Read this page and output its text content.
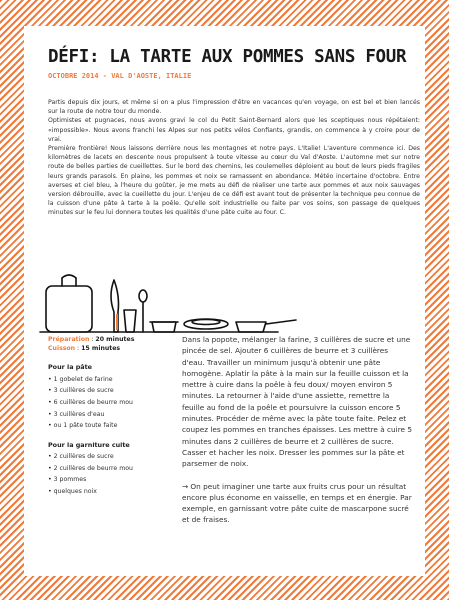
DÉFI: LA TARTE AUX POMMES SANS FOUR
OCTOBRE 2014 - VAL D'AOSTE, ITALIE

Partis depuis dix jours, et même si on a plus l'impression d'être en vacances qu'en voyage, on est bel et bien lancés sur la route de notre tour du monde.

Optimistes et pugnaces, nous avons gravi le col du Petit Saint-Bernard alors que les sceptiques nous répétaient: «impossible». Nous avons franchi les Alpes sur nos petits vélos Confiants, grandis, on commence à y croire pour de vrai.

Première frontière! Nous laissons derrière nous les montagnes et notre pays. L'Italie! L'aventure commence ici. Des kilomètres de lacets en descente nous propulsent à toute vitesse au cœur du Val d'Aoste. L'automne met sur notre route de belles parties de cueillettes. Sur le bord des chemins, les coulemelles déploient au bout de leurs pieds fragiles leurs grands parasols. En plaine, les pommes et noix se ramassent en abondance. Météo incertaine d'octobre. Entre averses et ciel bleu, à l'heure du goûter, je me mets au défi de réaliser une tarte aux pommes et aux noix sauvages version débrouille, avec la cueillette du jour. L'enjeu de ce défi est avant tout de présenter la technique peu connue de la cuisson d'une pâte à tarte à la poêle. Qu'elle soit industrielle ou faite par vos soins, son passage de quelques minutes sur le feu lui donnera toutes les qualités d'une pâte cuite au four. C.

Préparation : 20 minutes

Cuisson : 15 minutes

Pour la pâte
• 1 gobelet de farine
• 3 cuillères de sucre
• 6 cuillères de beurre mou
• 3 cuillères d'eau
• ou 1 pâte toute faite
Pour la garniture cuite
• 2 cuillères de sucre
• 2 cuillères de beurre mou
• 3 pommes
• quelques noix

Dans la popote, mélanger la farine, 3 cuillères de sucre et une pincée de sel. Ajouter 6 cuillères de beurre et 3 cuillères d'eau. Travailler un minimum jusqu'à obtenir une pâte homogène. Aplatir la pâte à la main sur la feuille cuisson et la mettre à cuire dans la poêle à feu doux/ moyen environ 5 minutes. La retourner à l'aide d'une assiette, remettre la feuille au fond de la poêle et poursuivre la cuisson encore 5 minutes. Procéder de même avec la pâte toute faite. Pelez et coupez les pommes en tranches épaisses. Les mettre à cuire 5 minutes dans 2 cuillères de beurre et 2 cuillères de sucre. Casser et hacher les noix. Dresser les pommes sur la pâte et parsemer de noix.

→ On peut imaginer une tarte aux fruits crus pour un résultat encore plus économe en vaisselle, en temps et en énergie. Par exemple, en garnissant votre pâte cuite de mascarpone sucré et de fraises.
